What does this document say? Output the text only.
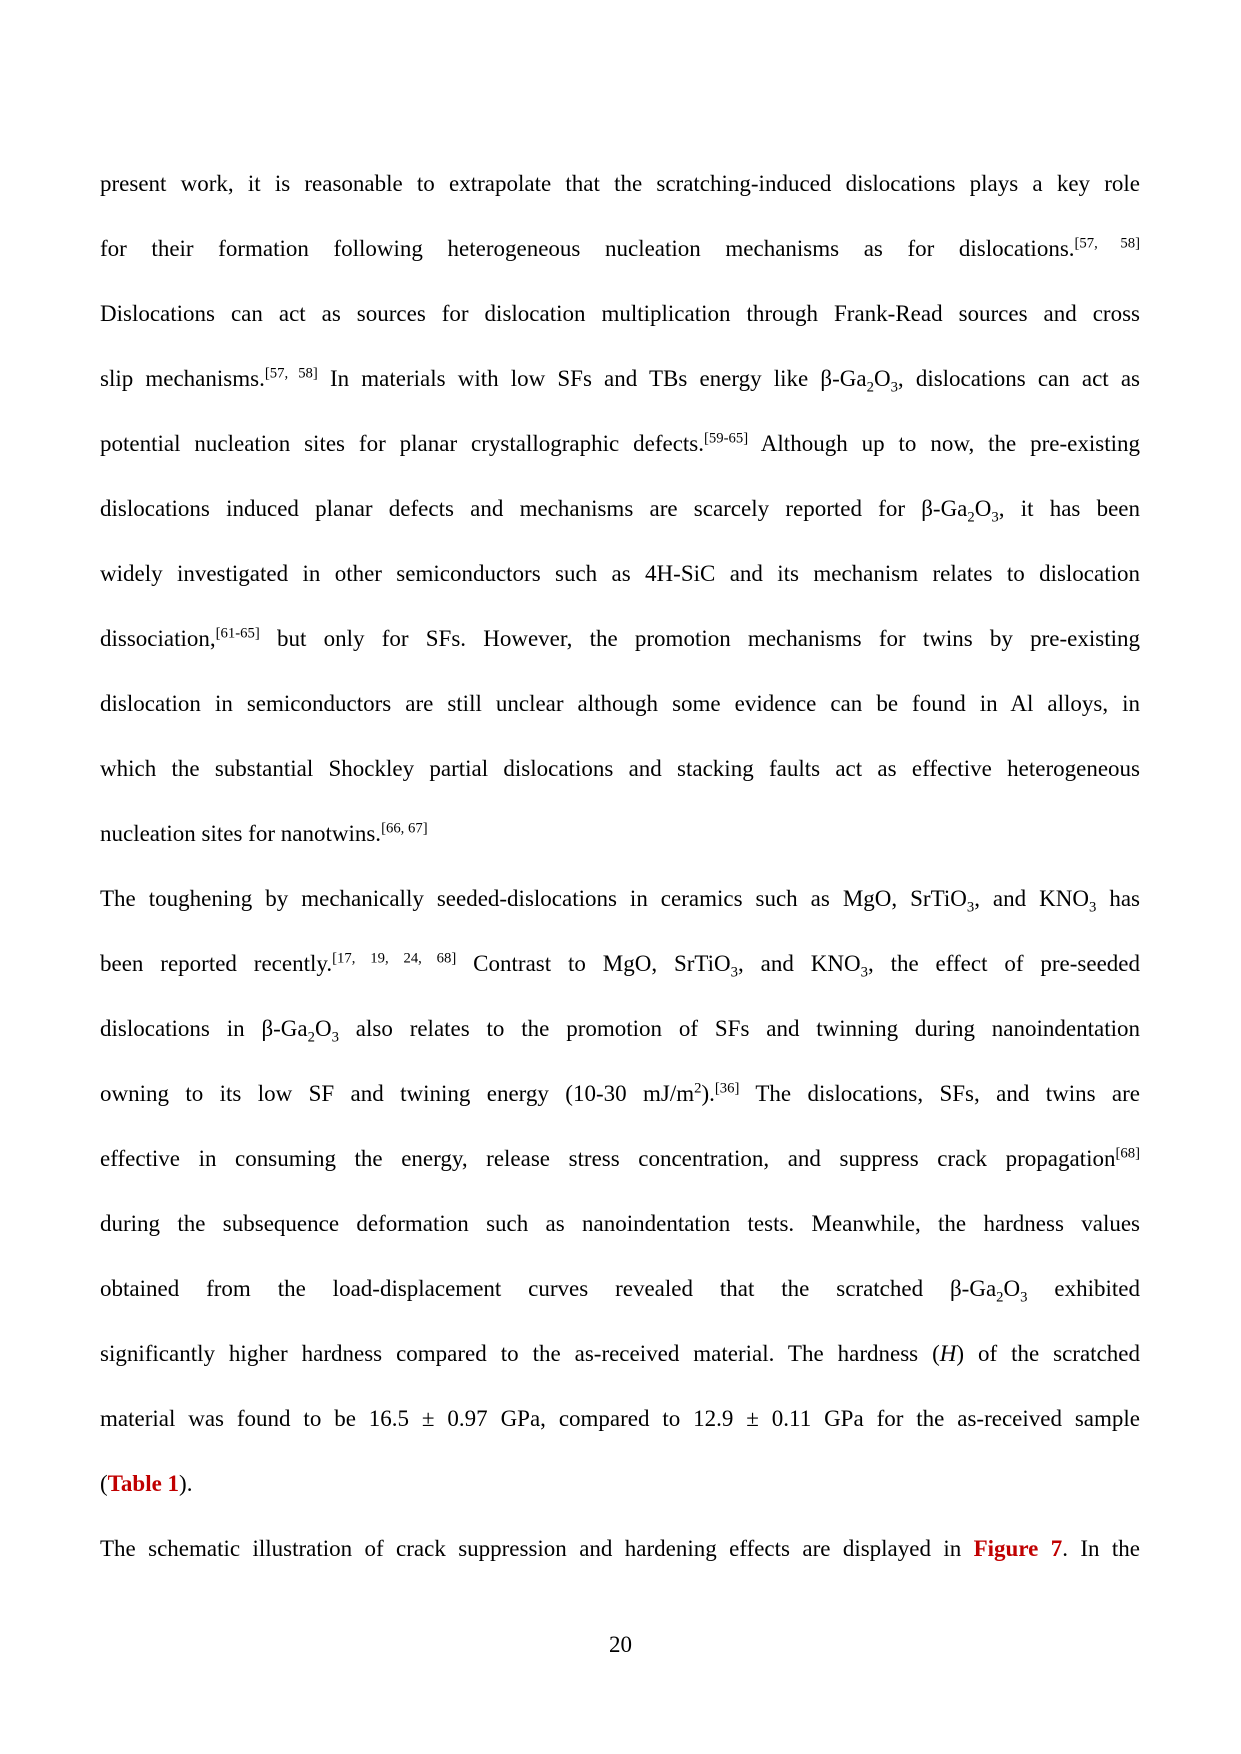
present work, it is reasonable to extrapolate that the scratching-induced dislocations plays a key role
for their formation following heterogeneous nucleation mechanisms as for dislocations.[57, 58]
Dislocations can act as sources for dislocation multiplication through Frank-Read sources and cross
slip mechanisms.[57, 58] In materials with low SFs and TBs energy like $\beta-Ga_2O_3$, dislocations can act as
potential nucleation sites for planar crystallographic defects.[59-65] Although up to now, the pre-existing
dislocations induced planar defects and mechanisms are scarcely reported for $\beta-Ga_2O_3$, it has been
widely investigated in other semiconductors such as 4H-SiC and its mechanism relates to dislocation
dissociation,[61-65] but only for SFs. However, the promotion mechanisms for twins by pre-existing
dislocation in semiconductors are still unclear although some evidence can be found in Al alloys, in
which the substantial Shockley partial dislocations and stacking faults act as effective heterogeneous
nucleation sites for nanotwins.[66, 67]
The toughening by mechanically seeded-dislocations in ceramics such as MgO, SrTiO$_3$, and $KNO_3$ has
been reported recently.[17, 19, 24, 68] Contrast to MgO, SrTiO$_3$, and $KNO_3$, the effect of pre-seeded
dislocations in $\beta-Ga_2O_3$ also relates to the promotion of SFs and twinning during nanoindentation
owning to its low SF and twining energy (10-30 $mJ/m^2).[36]$ The dislocations, SFs, and twins are
effective in consuming the energy, release stress concentration, and suppress crack propagation[68]
during the subsequence deformation such as nanoindentation tests. Meanwhile, the hardness values
obtained from the load-displacement curves revealed that the scratched $\beta-Ga_2O_3$ exhibited
significantly higher hardness compared to the as-received material. The hardness (H) of the scratched
material was found to be 16.5 ± 0.97 GPa, compared to 12.9 ± 0.11 GPa for the as-received sample
(Table 1).
The schematic illustration of crack suppression and hardening effects are displayed in Figure 7. In the
20
